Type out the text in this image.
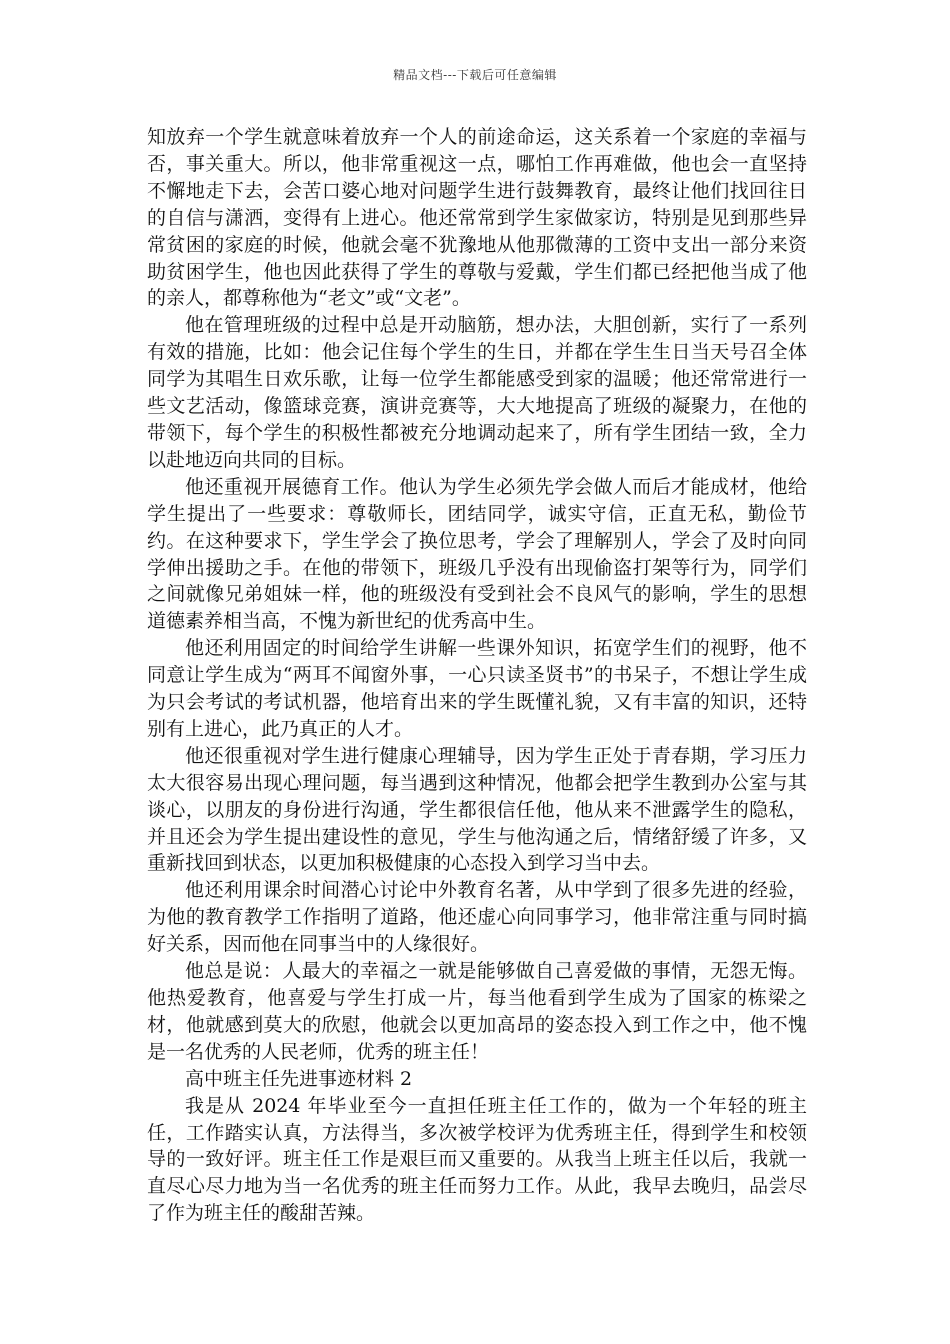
精品文档---下载后可任意编辑

知放弃一个学生就意味着放弃一个人的前途命运，这关系着一个家庭的幸福与否，事关重大。所以，他非常重视这一点，哪怕工作再难做，他也会一直坚持不懈地走下去，会苦口婆心地对问题学生进行鼓舞教育，最终让他们找回往日的自信与潇洒，变得有上进心。他还常常到学生家做家访，特别是见到那些异常贫困的家庭的时候，他就会毫不犹豫地从他那微薄的工资中支出一部分来资助贫困学生，他也因此获得了学生的尊敬与爱戴，学生们都已经把他当成了他的亲人，都尊称他为“老文”或“文老”。

他在管理班级的过程中总是开动脑筋，想办法，大胆创新，实行了一系列有效的措施，比如：他会记住每个学生的生日，并都在学生生日当天号召全体同学为其唱生日欢乐歌，让每一位学生都能感受到家的温暖；他还常常进行一些文艺活动，像篮球竞赛，演讲竞赛等，大大地提高了班级的凝聚力，在他的带领下，每个学生的积极性都被充分地调动起来了，所有学生团结一致，全力以赴地迈向共同的目标。

他还重视开展德育工作。他认为学生必须先学会做人而后才能成材，他给学生提出了一些要求：尊敬师长，团结同学，诚实守信，正直无私，勤俭节约。在这种要求下，学生学会了换位思考，学会了理解别人，学会了及时向同学伸出援助之手。在他的带领下，班级几乎没有出现偷盗打架等行为，同学们之间就像兄弟姐妹一样，他的班级没有受到社会不良风气的影响，学生的思想道德素养相当高，不愧为新世纪的优秀高中生。

他还利用固定的时间给学生讲解一些课外知识，拓宽学生们的视野，他不同意让学生成为“两耳不闻窗外事，一心只读圣贤书”的书呆子，不想让学生成为只会考试的考试机器，他培育出来的学生既懂礼貌，又有丰富的知识，还特别有上进心，此乃真正的人才。

他还很重视对学生进行健康心理辅导，因为学生正处于青春期，学习压力太大很容易出现心理问题，每当遇到这种情况，他都会把学生教到办公室与其谈心，以朋友的身份进行沟通，学生都很信任他，他从来不泄露学生的隐私，并且还会为学生提出建设性的意见，学生与他沟通之后，情绪舒缓了许多，又重新找回到状态，以更加积极健康的心态投入到学习当中去。

他还利用课余时间潜心讨论中外教育名著，从中学到了很多先进的经验，为他的教育教学工作指明了道路，他还虚心向同事学习，他非常注重与同时搞好关系，因而他在同事当中的人缘很好。

他总是说：人最大的幸福之一就是能够做自己喜爱做的事情，无怨无悔。他热爱教育，他喜爱与学生打成一片，每当他看到学生成为了国家的栋梁之材，他就感到莫大的欣慰，他就会以更加高昂的姿态投入到工作之中，他不愧是一名优秀的人民老师，优秀的班主任！

高中班主任先进事迹材料 2

我是从 2024 年毕业至今一直担任班主任工作的，做为一个年轻的班主任，工作踏实认真，方法得当，多次被学校评为优秀班主任，得到学生和校领导的一致好评。班主任工作是艰巨而又重要的。从我当上班主任以后，我就一直尽心尽力地为当一名优秀的班主任而努力工作。从此，我早去晚归，品尝尽了作为班主任的酸甜苦辣。
